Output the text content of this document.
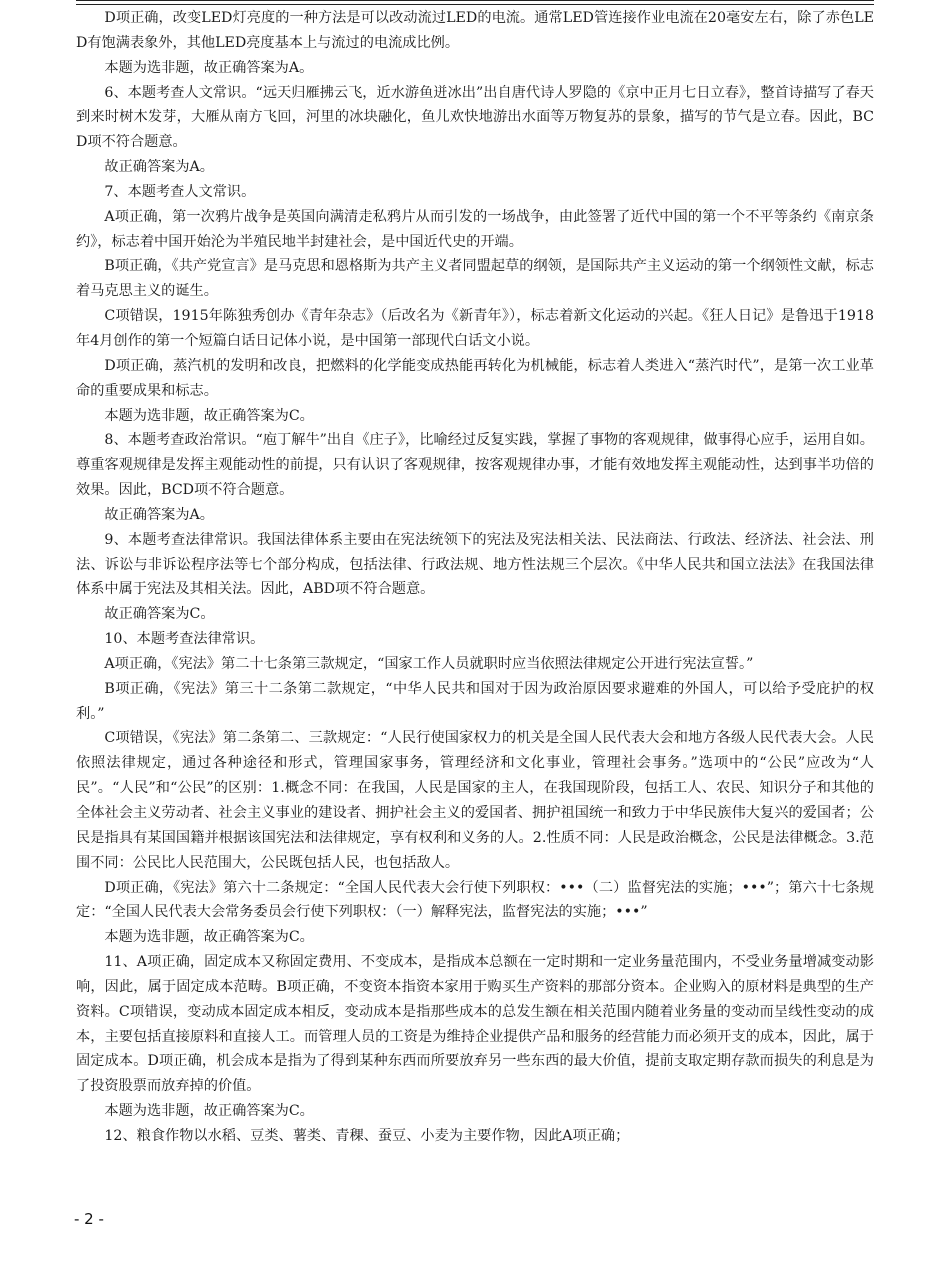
D项正确，改变LED灯亮度的一种方法是可以改动流过LED的电流。通常LED管连接作业电流在20毫安左右，除了赤色LED有饱满表象外，其他LED亮度基本上与流过的电流成比例。

本题为选非题，故正确答案为A。

6、本题考查人文常识。“远天归雁拂云飞，近水游鱼迸冰出”出自唐代诗人罗隐的《京中正月七日立春》，整首诗描写了春天到来时树木发芽，大雁从南方飞回，河里的冰块融化，鱼儿欢快地游出水面等万物复苏的景象，描写的节气是立春。因此，BCD项不符合题意。

故正确答案为A。

7、本题考查人文常识。

A项正确，第一次鸦片战争是英国向满清走私鸦片从而引发的一场战争，由此签署了近代中国的第一个不平等条约《南京条约》，标志着中国开始沦为半殖民地半封建社会，是中国近代史的开端。

B项正确，《共产党宣言》是马克思和恩格斯为共产主义者同盟起草的纲领，是国际共产主义运动的第一个纲领性文献，标志着马克思主义的诞生。

C项错误，1915年陈独秀创办《青年杂志》（后改名为《新青年》），标志着新文化运动的兴起。《狂人日记》是鲁迅于1918年4月创作的第一个短篇白话日记体小说，是中国第一部现代白话文小说。

D项正确，蒸汽机的发明和改良，把燃料的化学能变成热能再转化为机械能，标志着人类进入“蒸汽时代”，是第一次工业革命的重要成果和标志。

本题为选非题，故正确答案为C。

8、本题考查政治常识。“庖丁解牛”出自《庄子》，比喻经过反复实践，掌握了事物的客观规律，做事得心应手，运用自如。尊重客观规律是发挥主观能动性的前提，只有认识了客观规律，按客观规律办事，才能有效地发挥主观能动性，达到事半功倍的效果。因此，BCD项不符合题意。

故正确答案为A。

9、本题考查法律常识。我国法律体系主要由在宪法统领下的宪法及宪法相关法、民法商法、行政法、经济法、社会法、刑法、诉讼与非诉讼程序法等七个部分构成，包括法律、行政法规、地方性法规三个层次。《中华人民共和国立法法》在我国法律体系中属于宪法及其相关法。因此，ABD项不符合题意。

故正确答案为C。

10、本题考查法律常识。

A项正确，《宪法》第二十七条第三款规定，“国家工作人员就职时应当依照法律规定公开进行宪法宣誓。”

B项正确，《宪法》第三十二条第二款规定，“中华人民共和国对于因为政治原因要求避难的外国人，可以给予受庇护的权利。”

C项错误，《宪法》第二条第二、三款规定：“人民行使国家权力的机关是全国人民代表大会和地方各级人民代表大会。人民依照法律规定，通过各种途径和形式，管理国家事务，管理经济和文化事业，管理社会事务。”选项中的“公民”应改为“人民”。“人民”和“公民”的区别：1.概念不同：在我国，人民是国家的主人，在我国现阶段，包括工人、农民、知识分子和其他的全体社会主义劳动者、社会主义事业的建设者、拥护社会主义的爱国者、拥护祖国统一和致力于中华民族伟大复兴的爱国者；公民是指具有某国国籍并根据该国宪法和法律规定，享有权利和义务的人。2.性质不同：人民是政治概念，公民是法律概念。3.范围不同：公民比人民范围大，公民既包括人民，也包括敌人。

D项正确，《宪法》第六十二条规定：“全国人民代表大会行使下列职权：•••（二）监督宪法的实施；•••”；第六十七条规定：“全国人民代表大会常务委员会行使下列职权：（一）解释宪法，监督宪法的实施；•••”

本题为选非题，故正确答案为C。

11、A项正确，固定成本又称固定费用、不变成本，是指成本总额在一定时期和一定业务量范围内，不受业务量增减变动影响，因此，属于固定成本范畴。B项正确，不变资本指资本家用于购买生产资料的那部分资本。企业购入的原材料是典型的生产资料。C项错误，变动成本固定成本相反，变动成本是指那些成本的总发生额在相关范围内随着业务量的变动而呈线性变动的成本，主要包括直接原料和直接人工。而管理人员的工资是为维持企业提供产品和服务的经营能力而必须开支的成本，因此，属于固定成本。D项正确，机会成本是指为了得到某种东西而所要放弃另一些东西的最大价值，提前支取定期存款而损失的利息是为了投资股票而放弃掉的价值。

本题为选非题，故正确答案为C。

12、粮食作物以水稻、豆类、薯类、青稞、蚕豆、小麦为主要作物，因此A项正确；

- 2 -
